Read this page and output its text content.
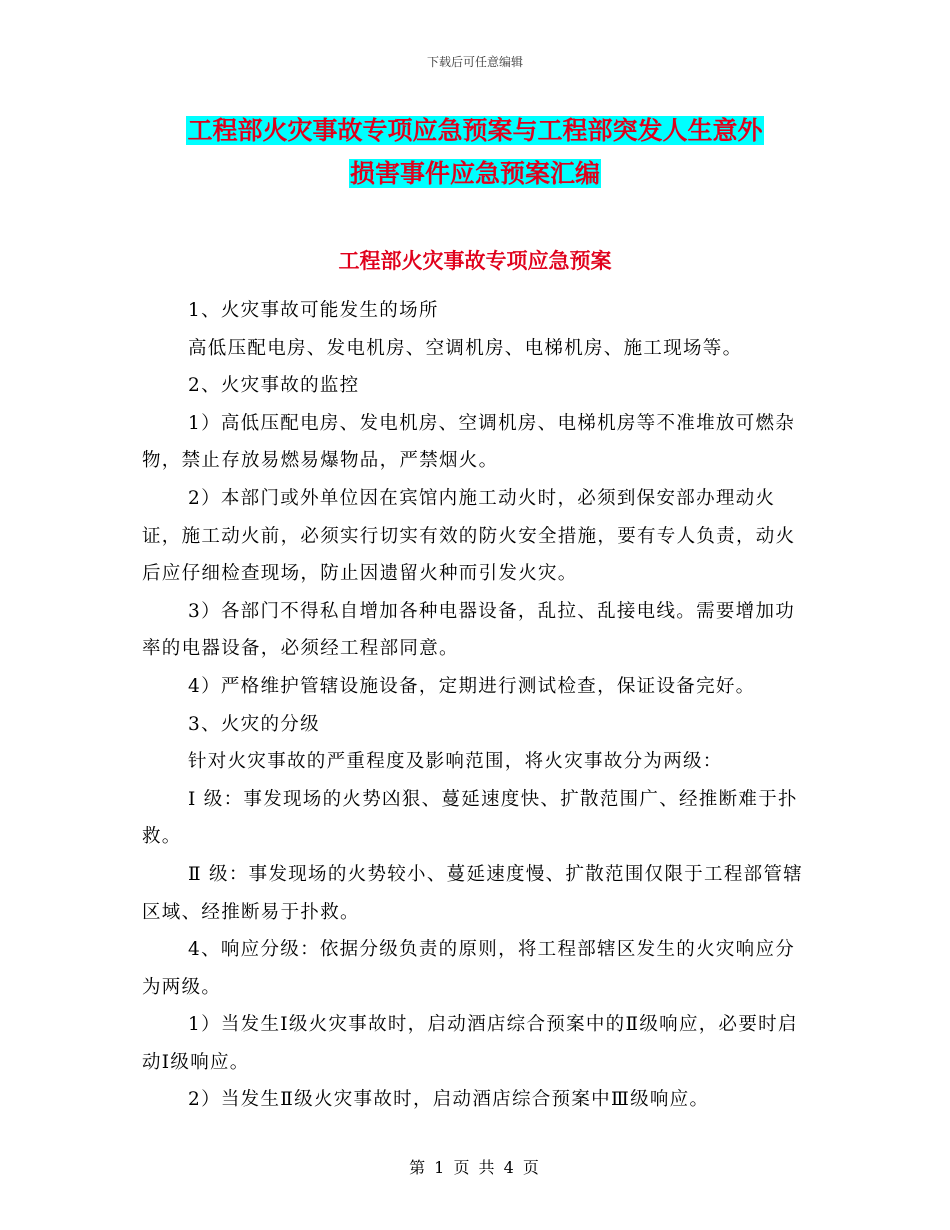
下载后可任意编辑
工程部火灾事故专项应急预案与工程部突发人生意外
损害事件应急预案汇编
工程部火灾事故专项应急预案

1、火灾事故可能发生的场所

高低压配电房、发电机房、空调机房、电梯机房、施工现场等。

2、火灾事故的监控

1）高低压配电房、发电机房、空调机房、电梯机房等不准堆放可燃杂物，禁止存放易燃易爆物品，严禁烟火。

2）本部门或外单位因在宾馆内施工动火时，必须到保安部办理动火证，施工动火前，必须实行切实有效的防火安全措施，要有专人负责，动火后应仔细检查现场，防止因遗留火种而引发火灾。

3）各部门不得私自增加各种电器设备，乱拉、乱接电线。需要增加功率的电器设备，必须经工程部同意。

4）严格维护管辖设施设备，定期进行测试检查，保证设备完好。

3、火灾的分级

针对火灾事故的严重程度及影响范围，将火灾事故分为两级：

Ⅰ 级：事发现场的火势凶狠、蔓延速度快、扩散范围广、经推断难于扑救。

Ⅱ 级：事发现场的火势较小、蔓延速度慢、扩散范围仅限于工程部管辖区域、经推断易于扑救。

4、响应分级：依据分级负责的原则，将工程部辖区发生的火灾响应分为两级。

1）当发生Ⅰ级火灾事故时，启动酒店综合预案中的Ⅱ级响应，必要时启动Ⅰ级响应。

2）当发生Ⅱ级火灾事故时，启动酒店综合预案中Ⅲ级响应。

第 1 页 共 4 页
